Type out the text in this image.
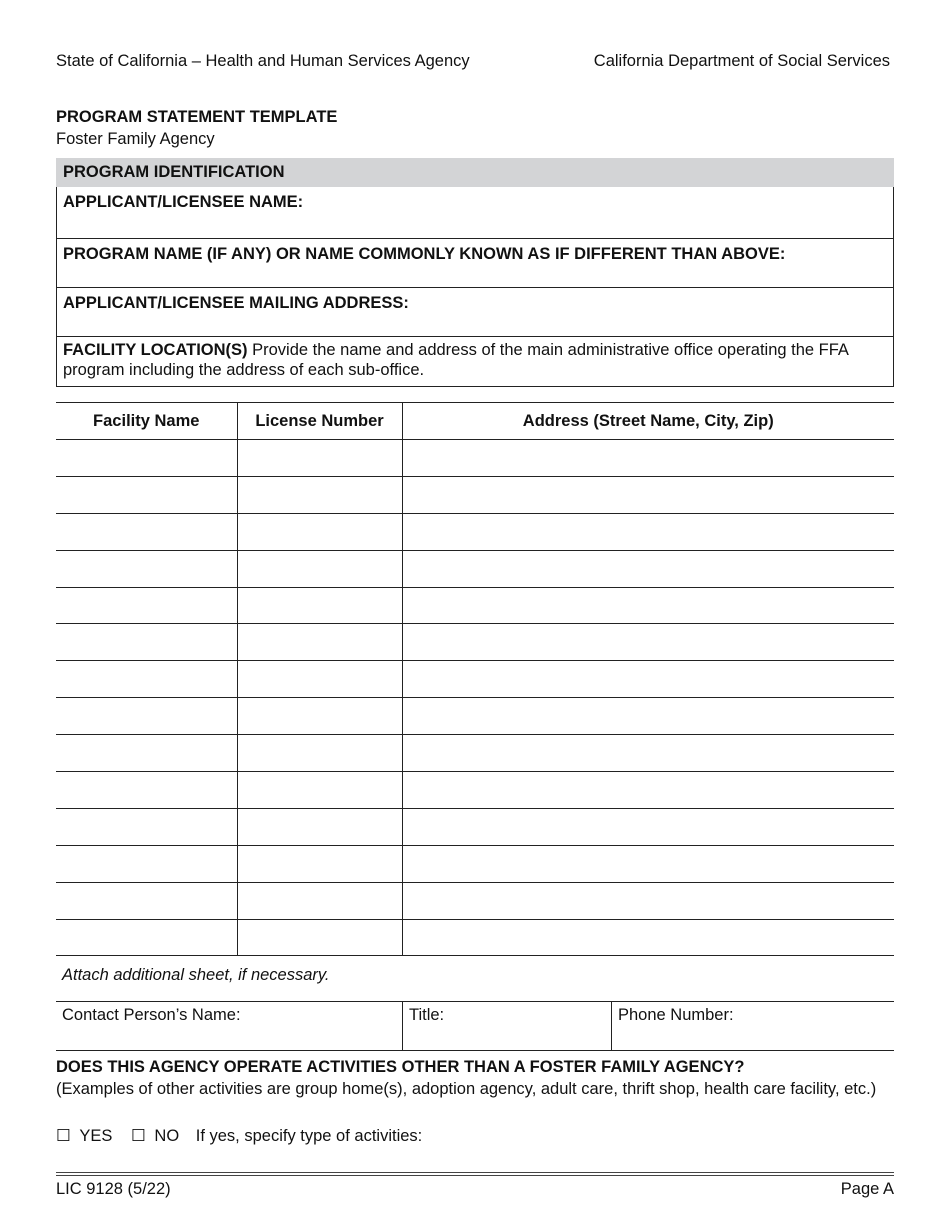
State of California – Health and Human Services Agency	California Department of Social Services
PROGRAM STATEMENT TEMPLATE
Foster Family Agency
PROGRAM IDENTIFICATION
APPLICANT/LICENSEE NAME:
PROGRAM NAME (IF ANY) OR NAME COMMONLY KNOWN AS IF DIFFERENT THAN ABOVE:
APPLICANT/LICENSEE MAILING ADDRESS:
FACILITY LOCATION(S) Provide the name and address of the main administrative office operating the FFA program including the address of each sub-office.
Facility Name	License Number	Address (Street Name, City, Zip)

Attach additional sheet, if necessary.
Contact Person’s Name:	Title:	Phone Number:
DOES THIS AGENCY OPERATE ACTIVITIES OTHER THAN A FOSTER FAMILY AGENCY?
(Examples of other activities are group home(s), adoption agency, adult care, thrift shop, health care facility, etc.)
☐ YES ☐ NO If yes, specify type of activities:
LIC 9128 (5/22)	Page A
